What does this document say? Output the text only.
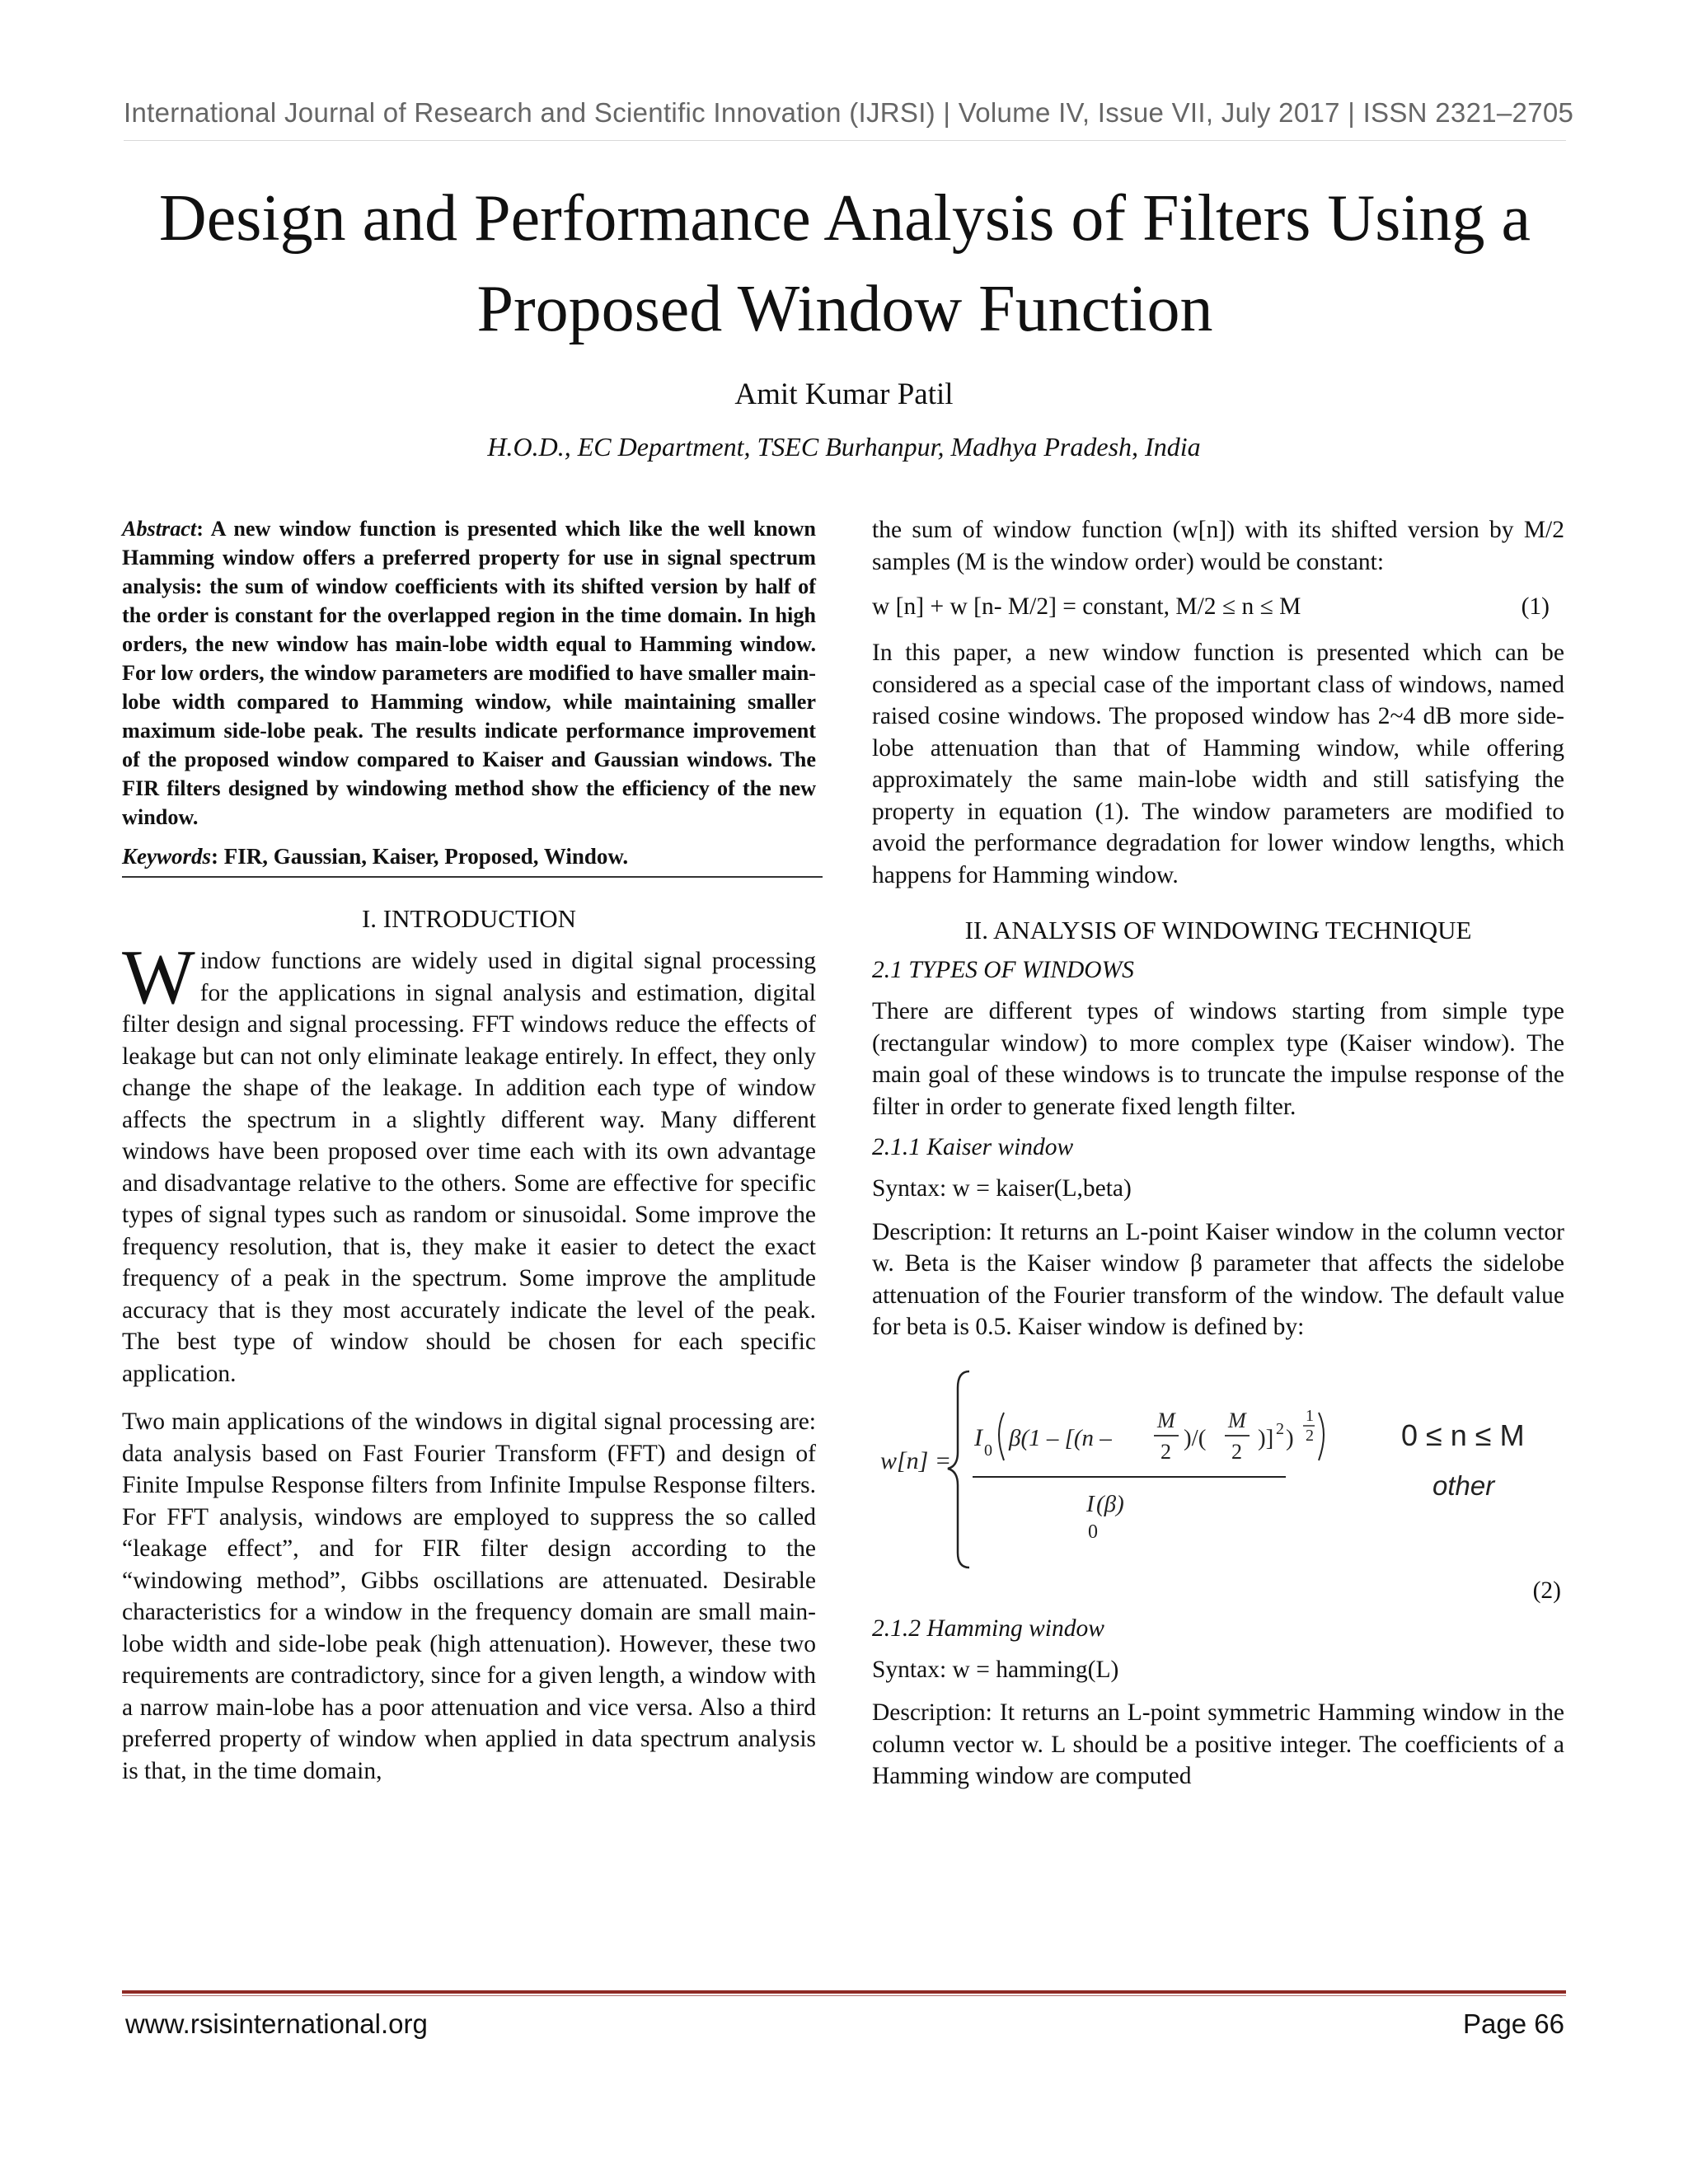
International Journal of Research and Scientific Innovation (IJRSI) | Volume IV, Issue VII, July 2017 | ISSN 2321–2705
Design and Performance Analysis of Filters Using a
Proposed Window Function
Amit Kumar Patil
H.O.D., EC Department, TSEC Burhanpur, Madhya Pradesh, India

Abstract: A new window function is presented which like the well known Hamming window offers a preferred property for use in signal spectrum analysis: the sum of window coefficients with its shifted version by half of the order is constant for the overlapped region in the time domain. In high orders, the new window has main-lobe width equal to Hamming window. For low orders, the window parameters are modified to have smaller main-lobe width compared to Hamming window, while maintaining smaller maximum side-lobe peak. The results indicate performance improvement of the proposed window compared to Kaiser and Gaussian windows. The FIR filters designed by windowing method show the efficiency of the new window.

Keywords: FIR, Gaussian, Kaiser, Proposed, Window.

I. INTRODUCTION

Window functions are widely used in digital signal processing for the applications in signal analysis and estimation, digital filter design and signal processing. FFT windows reduce the effects of leakage but can not only eliminate leakage entirely. In effect, they only change the shape of the leakage. In addition each type of window affects the spectrum in a slightly different way. Many different windows have been proposed over time each with its own advantage and disadvantage relative to the others. Some are effective for specific types of signal types such as random or sinusoidal. Some improve the frequency resolution, that is, they make it easier to detect the exact frequency of a peak in the spectrum. Some improve the amplitude accuracy that is they most accurately indicate the level of the peak. The best type of window should be chosen for each specific application.

Two main applications of the windows in digital signal processing are: data analysis based on Fast Fourier Transform (FFT) and design of Finite Impulse Response filters from Infinite Impulse Response filters. For FFT analysis, windows are employed to suppress the so called “leakage effect”, and for FIR filter design according to the “windowing method”, Gibbs oscillations are attenuated. Desirable characteristics for a window in the frequency domain are small main-lobe width and side-lobe peak (high attenuation). However, these two requirements are contradictory, since for a given length, a window with a narrow main-lobe has a poor attenuation and vice versa. Also a third preferred property of window when applied in data spectrum analysis is that, in the time domain,

the sum of window function (w[n]) with its shifted version by M/2 samples (M is the window order) would be constant:

w [n] + w [n- M/2] = constant, M/2 ≤ n ≤ M	(1)

In this paper, a new window function is presented which can be considered as a special case of the important class of windows, named raised cosine windows. The proposed window has 2~4 dB more side-lobe attenuation than that of Hamming window, while offering approximately the same main-lobe width and still satisfying the property in equation (1). The window parameters are modified to avoid the performance degradation for lower window lengths, which happens for Hamming window.

II. ANALYSIS OF WINDOWING TECHNIQUE
2.1 TYPES OF WINDOWS

There are different types of windows starting from simple type (rectangular window) to more complex type (Kaiser window). The main goal of these windows is to truncate the impulse response of the filter in order to generate fixed length filter.

2.1.1 Kaiser window

Syntax: w = kaiser(L,beta)

Description: It returns an L-point Kaiser window in the column vector w. Beta is the Kaiser window β parameter that affects the sidelobe attenuation of the Fourier transform of the window. The default value for beta is 0.5. Kaiser window is defined by:

w[n] =
I 0 β(1 – [(n –
M
2
)/(
M
2
)] 2 )
1
2
I (β)
0
0 ≤ n ≤ M
other
(2)
2.1.2 Hamming window

Syntax: w = hamming(L)

Description: It returns an L-point symmetric Hamming window in the column vector w. L should be a positive integer. The coefficients of a Hamming window are computed

www.rsisinternational.org	Page 66
